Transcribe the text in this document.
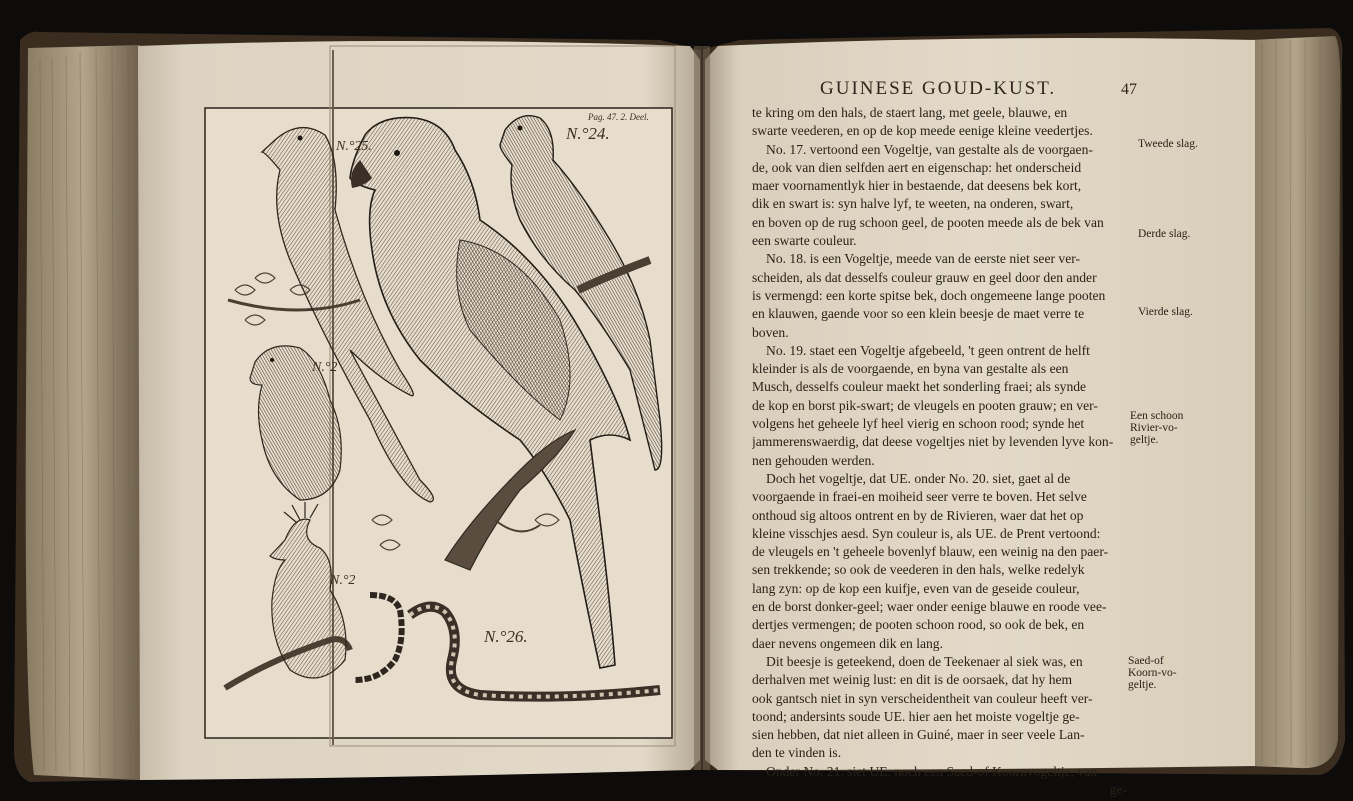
Pag. 47. 2. Deel.
N.°24.
N.°25.
N.°26.
N.°2
N.°2
GUINESE GOUD-KUST.	47
te kring om den hals, de staert lang, met geele, blauwe, en
swarte veederen, en op de kop meede eenige kleine veedertjes.
No. 17. vertoond een Vogeltje, van gestalte als de voorgaen-
de, ook van dien selfden aert en eigenschap: het onderscheid
maer voornamentlyk hier in bestaende, dat deesens bek kort,
dik en swart is: syn halve lyf, te weeten, na onderen, swart,
en boven op de rug schoon geel, de pooten meede als de bek van
een swarte couleur.
No. 18. is een Vogeltje, meede van de eerste niet seer ver-
scheiden, als dat desselfs couleur grauw en geel door den ander
is vermengd: een korte spitse bek, doch ongemeene lange pooten
en klauwen, gaende voor so een klein beesje de maet verre te
boven.
No. 19. staet een Vogeltje afgebeeld, 't geen ontrent de helft
kleinder is als de voorgaende, en byna van gestalte als een
Musch, desselfs couleur maekt het sonderling fraei; als synde
de kop en borst pik-swart; de vleugels en pooten grauw; en ver-
volgens het geheele lyf heel vierig en schoon rood; synde het
jammerenswaerdig, dat deese vogeltjes niet by levenden lyve kon-
nen gehouden werden.
Doch het vogeltje, dat UE. onder No. 20. siet, gaet al de
voorgaende in fraei-en moiheid seer verre te boven. Het selve
onthoud sig altoos ontrent en by de Rivieren, waer dat het op
kleine visschjes aesd. Syn couleur is, als UE. de Prent vertoond:
de vleugels en 't geheele bovenlyf blauw, een weinig na den paer-
sen trekkende; so ook de veederen in den hals, welke redelyk
lang zyn: op de kop een kuifje, even van de geseide couleur,
en de borst donker-geel; waer onder eenige blauwe en roode vee-
dertjes vermengen; de pooten schoon rood, so ook de bek, en
daer nevens ongemeen dik en lang.
Dit beesje is geteekend, doen de Teekenaer al siek was, en
derhalven met weinig lust: en dit is de oorsaek, dat hy hem
ook gantsch niet in syn verscheidentheit van couleur heeft ver-
toond; andersints soude UE. hier aen het moiste vogeltje ge-
sien hebben, dat niet alleen in Guiné, maer in seer veele Lan-
den te vinden is.
Onder No. 21. siet UE. noch een Saed-of Koornvogeltje, van
ge-
Tweede slag.
Derde slag.
Vierde slag.
Een schoon Rivier-vo-geltje.
Saed-of Koorn-vo-geltje.
